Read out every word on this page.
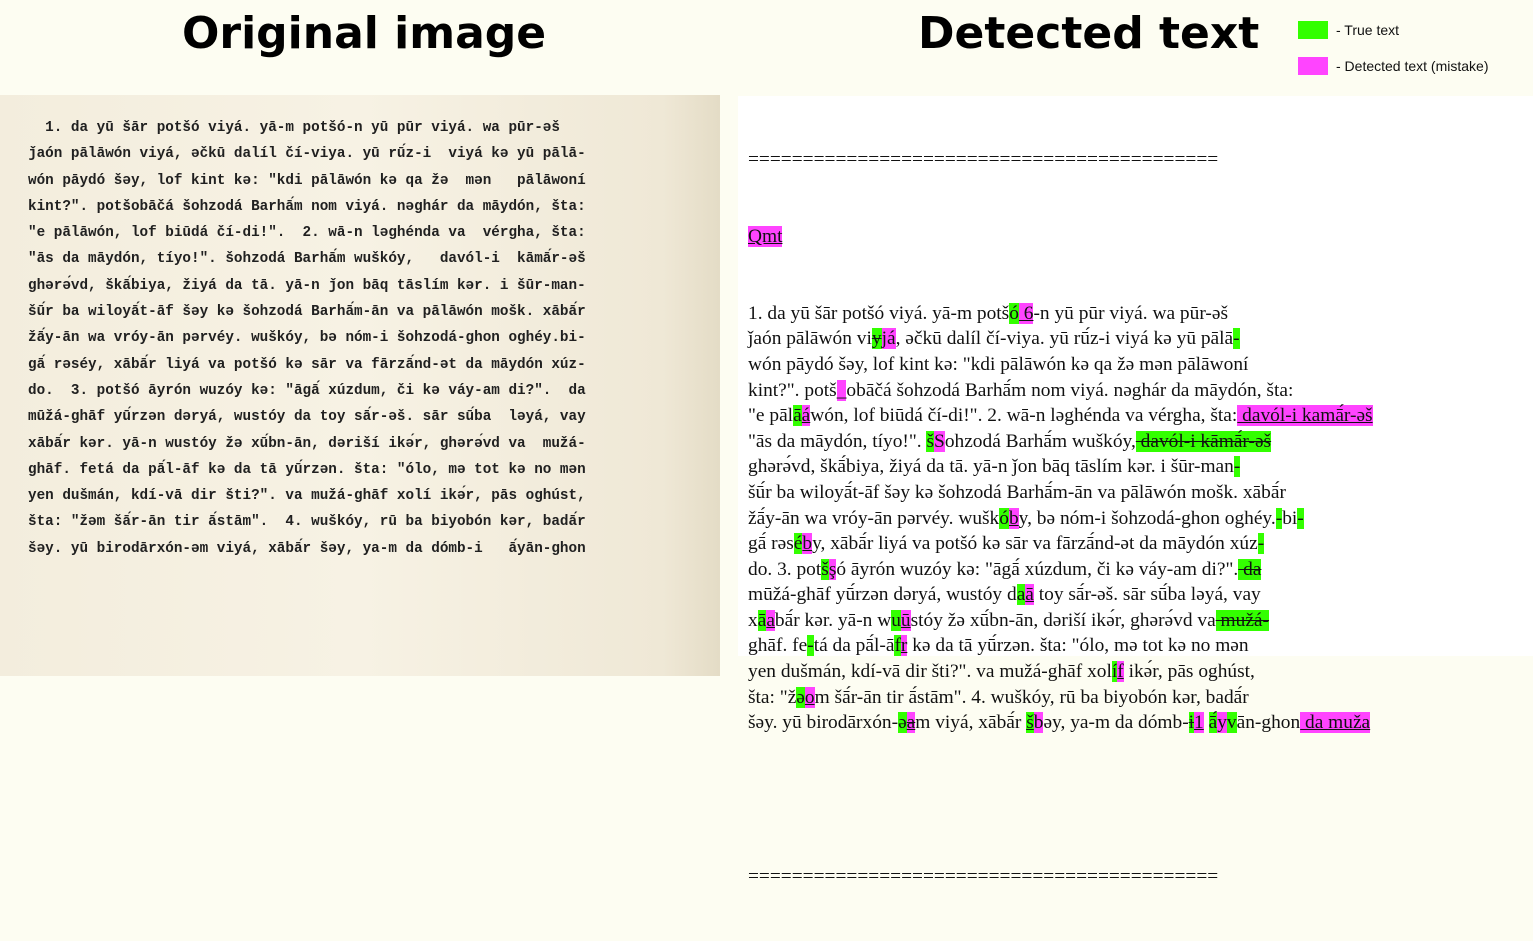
Original image	Detected text	- True text
- Detected text (mistake)
1. da yū šār potšó viyá. yā-m potšó-n yū pūr viyá. wa pūr-əš
ǰaón pālāwón viyá, əčkū dalíl čí-viya. yū rū́z-i  viyá kə yū pālā-
wón pāydó šəy, lof kint kə: "kdi pālāwón kə qa žə  mən   pālāwoní
kint?". potšobāčá šohzodá Barhā́m nom viyá. nəghár da māydón, šta:
"e pālāwón, lof biūdá čí-di!".  2. wā-n ləghénda va  vérgha, šta:
"ās da māydón, tíyo!". šohzodá Barhā́m wuškóy,   davól-i  kāmā́r-əš
ghərə́vd, škā́biya, žiyá da tā. yā-n ǰon bāq tāslím kər. i šūr-man-
šū́r ba wiloyā́t-āf šəy kə šohzodá Barhā́m-ān va pālāwón mošk. xābā́r
žā́y-ān wa vróy-ān pərvéy. wuškóy, bə nóm-i šohzodá-ghon oghéy.bi-
gā́ rəséy, xābā́r liyá va potšó kə sār va fārzā́nd-ət da māydón xúz-
do.  3. potšó āyrón wuzóy kə: "āgā́ xúzdum, či kə váy-am di?".  da
mūžá-ghāf yū́rzən dəryá, wustóy da toy sā́r-əš. sār sū́ba  ləyá, vay
xābā́r kər. yā-n wustóy žə xū́bn-ān, dəriší ikə́r, ghərə́vd va  mužá-
ghāf. fetá da pā́l-āf kə da tā yū́rzən. šta: "ólo, mə tot kə no mən
yen dušmán, kdí-vā dir šti?". va mužá-ghāf xolí ikə́r, pās oghúst,
šta: "žəm šā́r-ān tir ā́stām".  4. wuškóy, rū ba biyobón kər, badā́r
šəy. yū birodārxón-əm viyá, xābā́r šəy, ya-m da dómb-i   ā́yān-ghon

===========================================

Qmt

1. da yū šār potšó viyá. yā-m potšó 6-n yū pūr viyá. wa pūr-əš
ǰaón pālāwón viyjá, əčkū dalíl čí-viya. yū rū́z-i viyá kə yū pālā-
wón pāydó šəy, lof kint kə: "kdi pālāwón kə qa žə mən pālāwoní
kint?". potš_obāčá šohzodá Barhā́m nom viyá. nəghár da māydón, šta:
"e pālāáwón, lof biūdá čí-di!". 2. wā-n ləghénda va vérgha, šta: davól-i kamā́r-əš
"ās da māydón, tíyo!". šSohzodá Barhā́m wuškóy, davól-i kāmā́r-əš
ghərə́vd, škā́biya, žiyá da tā. yā-n ǰon bāq tāslím kər. i šūr-man-
šū́r ba wiloyā́t-āf šəy kə šohzodá Barhā́m-ān va pālāwón mošk. xābā́r
žā́y-ān wa vróy-ān pərvéy. wuškóby, bə nóm-i šohzodá-ghon oghéy.-bi-
gā́ rəséby, xābā́r liyá va potšó kə sār va fārzā́nd-ət da māydón xúz-
do. 3. potšşó āyrón wuzóy kə: "āgā́ xúzdum, či kə váy-am di?". da
mūžá-ghāf yū́rzən dəryá, wustóy daā toy sā́r-əš. sār sū́ba ləyá, vay
xāabā́r kər. yā-n wuūstóy žə xū́bn-ān, dəriší ikə́r, ghərə́vd va mužá-
ghāf. fe-tá da pā́l-āfr kə da tā yū́rzən. šta: "ólo, mə tot kə no mən
yen dušmán, kdí-vā dir šti?". va mužá-ghāf xolíf ikə́r, pās oghúst,
šta: "žəom šā́r-ān tir ā́stām". 4. wuškóy, rū ba biyobón kər, badā́r
šəy. yū birodārxón-əam viyá, xābā́r šbəy, ya-m da dómb-i1 ā́yvān-ghon da muža

===========================================
